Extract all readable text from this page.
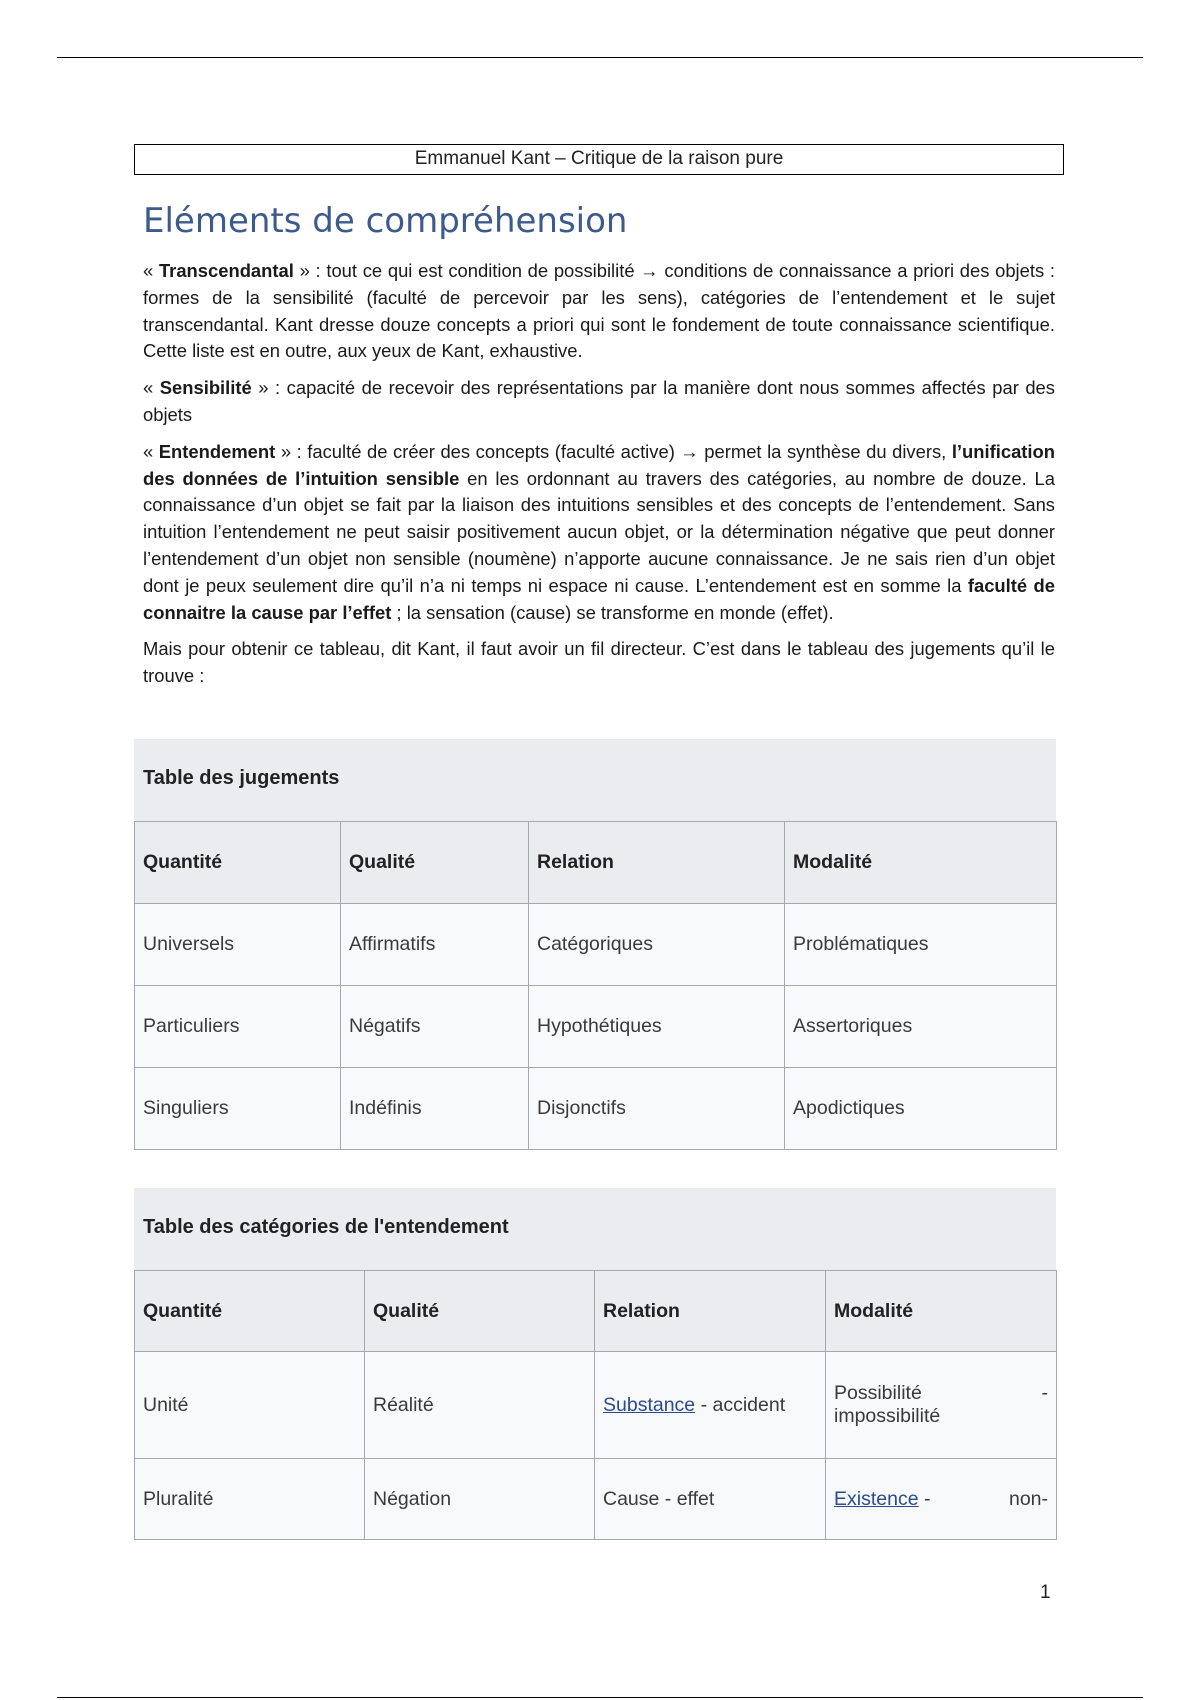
Emmanuel Kant – Critique de la raison pure
Eléments de compréhension

« Transcendantal » : tout ce qui est condition de possibilité → conditions de connaissance a priori des objets : formes de la sensibilité (faculté de percevoir par les sens), catégories de l’entendement et le sujet transcendantal. Kant dresse douze concepts a priori qui sont le fondement de toute connaissance scientifique. Cette liste est en outre, aux yeux de Kant, exhaustive.

« Sensibilité » : capacité de recevoir des représentations par la manière dont nous sommes affectés par des objets

« Entendement » : faculté de créer des concepts (faculté active) → permet la synthèse du divers, l’unification des données de l’intuition sensible en les ordonnant au travers des catégories, au nombre de douze. La connaissance d’un objet se fait par la liaison des intuitions sensibles et des concepts de l’entendement. Sans intuition l’entendement ne peut saisir positivement aucun objet, or la détermination négative que peut donner l’entendement d’un objet non sensible (noumène) n’apporte aucune connaissance. Je ne sais rien d’un objet dont je peux seulement dire qu’il n’a ni temps ni espace ni cause. L’entendement est en somme la faculté de connaitre la cause par l’effet ; la sensation (cause) se transforme en monde (effet).

Mais pour obtenir ce tableau, dit Kant, il faut avoir un fil directeur. C’est dans le tableau des jugements qu’il le trouve :

Table des jugements
Quantité	Qualité	Relation	Modalité
Universels	Affirmatifs	Catégoriques	Problématiques
Particuliers	Négatifs	Hypothétiques	Assertoriques
Singuliers	Indéfinis	Disjonctifs	Apodictiques
Table des catégories de l'entendement
Quantité	Qualité	Relation	Modalité
Unité	Réalité	Substance - accident	Possibilité -
impossibilité

Pluralité	Négation	Cause - effet	Existence - non-
1
